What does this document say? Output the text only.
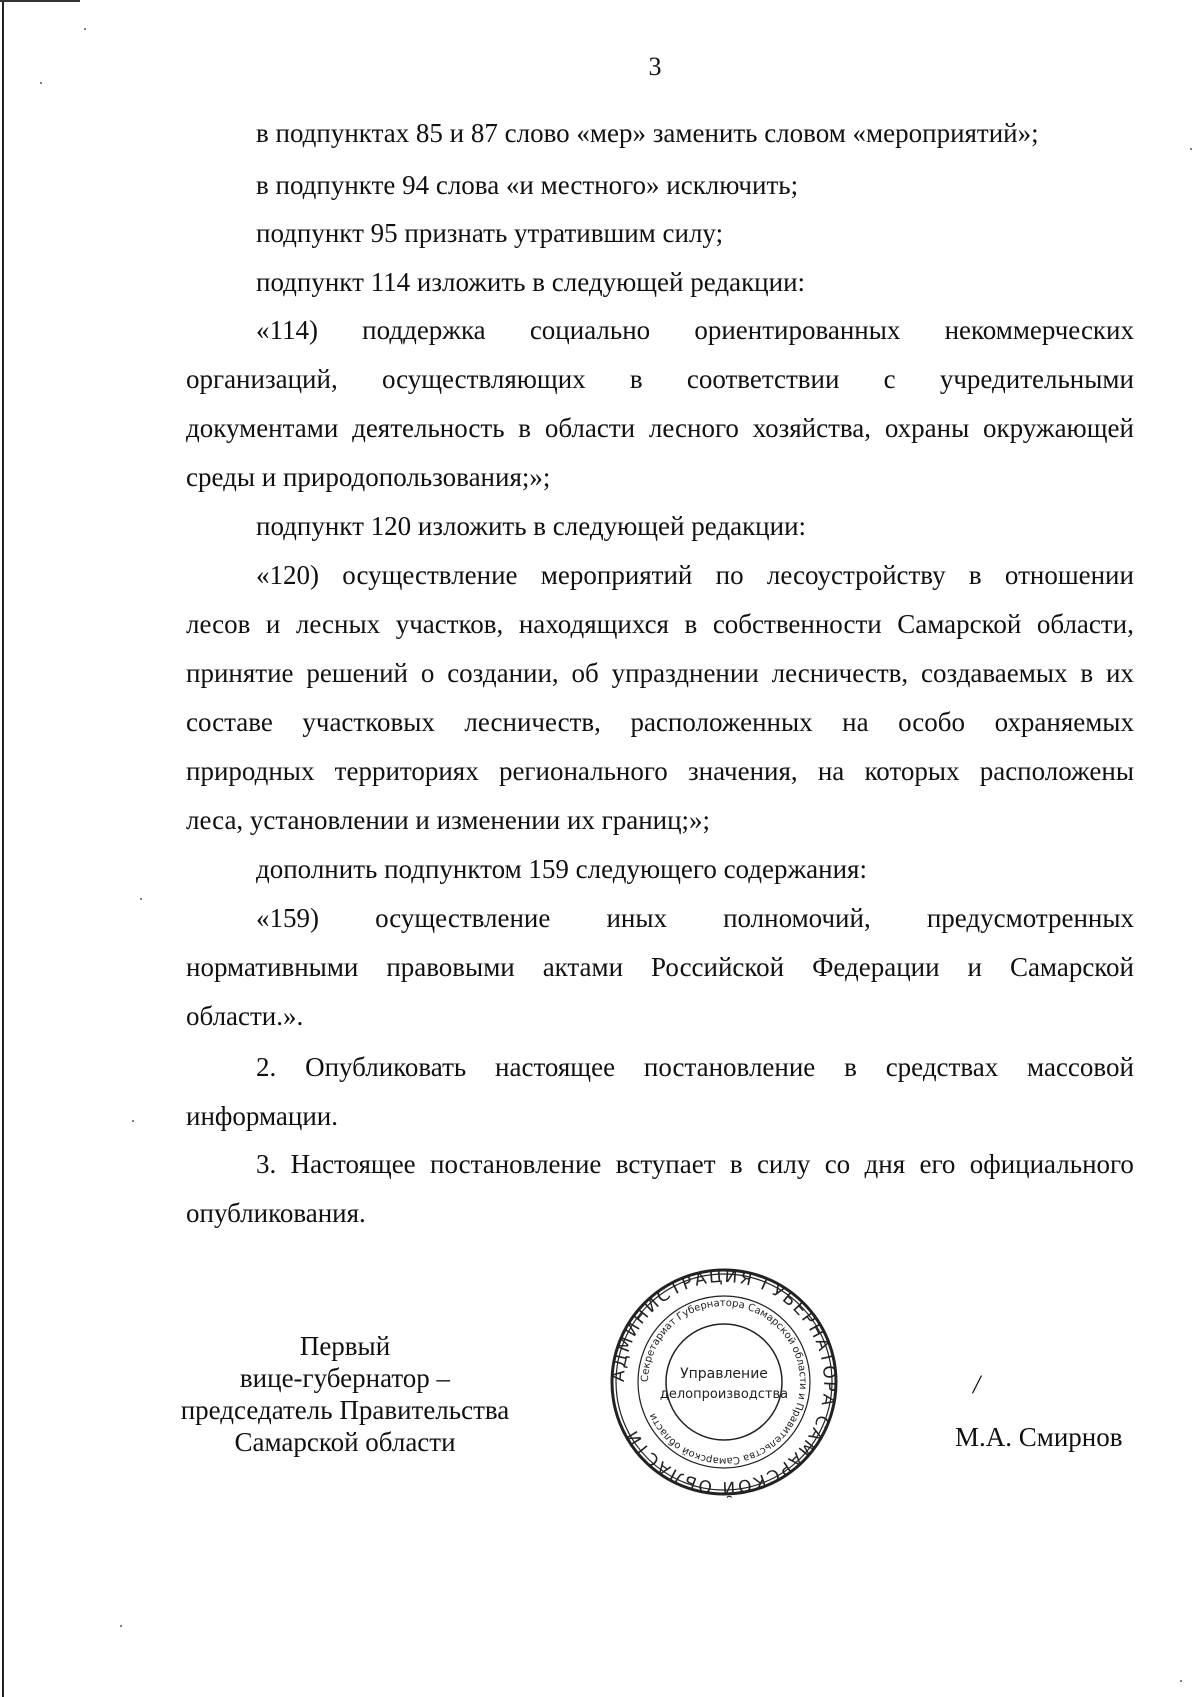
3
в подпунктах 85 и 87 слово «мер» заменить словом «мероприятий»;
в подпункте 94 слова «и местного» исключить;
подпункт 95 признать утратившим силу;
подпункт 114 изложить в следующей редакции:
«114) поддержка социально ориентированных некоммерческих
организаций, осуществляющих в соответствии с учредительными
документами деятельность в области лесного хозяйства, охраны окружающей
среды и природопользования;»;
подпункт 120 изложить в следующей редакции:
«120) осуществление мероприятий по лесоустройству в отношении
лесов и лесных участков, находящихся в собственности Самарской области,
принятие решений о создании, об упразднении лесничеств, создаваемых в их
составе участковых лесничеств, расположенных на особо охраняемых
природных территориях регионального значения, на которых расположены
леса, установлении и изменении их границ;»;
дополнить подпунктом 159 следующего содержания:
«159) осуществление иных полномочий, предусмотренных
нормативными правовыми актами Российской Федерации и Самарской
области.».
2. Опубликовать настоящее постановление в средствах массовой
информации.
3. Настоящее постановление вступает в силу со дня его официального
опубликования.
Первый
вице-губернатор –
председатель Правительства
Самарской области
/
М.А. Смирнов
АДМИНИСТРАЦИЯ ГУБЕРНАТОРА САМАРСКОЙ ОБЛАСТИ
Секретариат Губернатора Самарской области и Правительства Самарской области
Управление
делопроизводства
